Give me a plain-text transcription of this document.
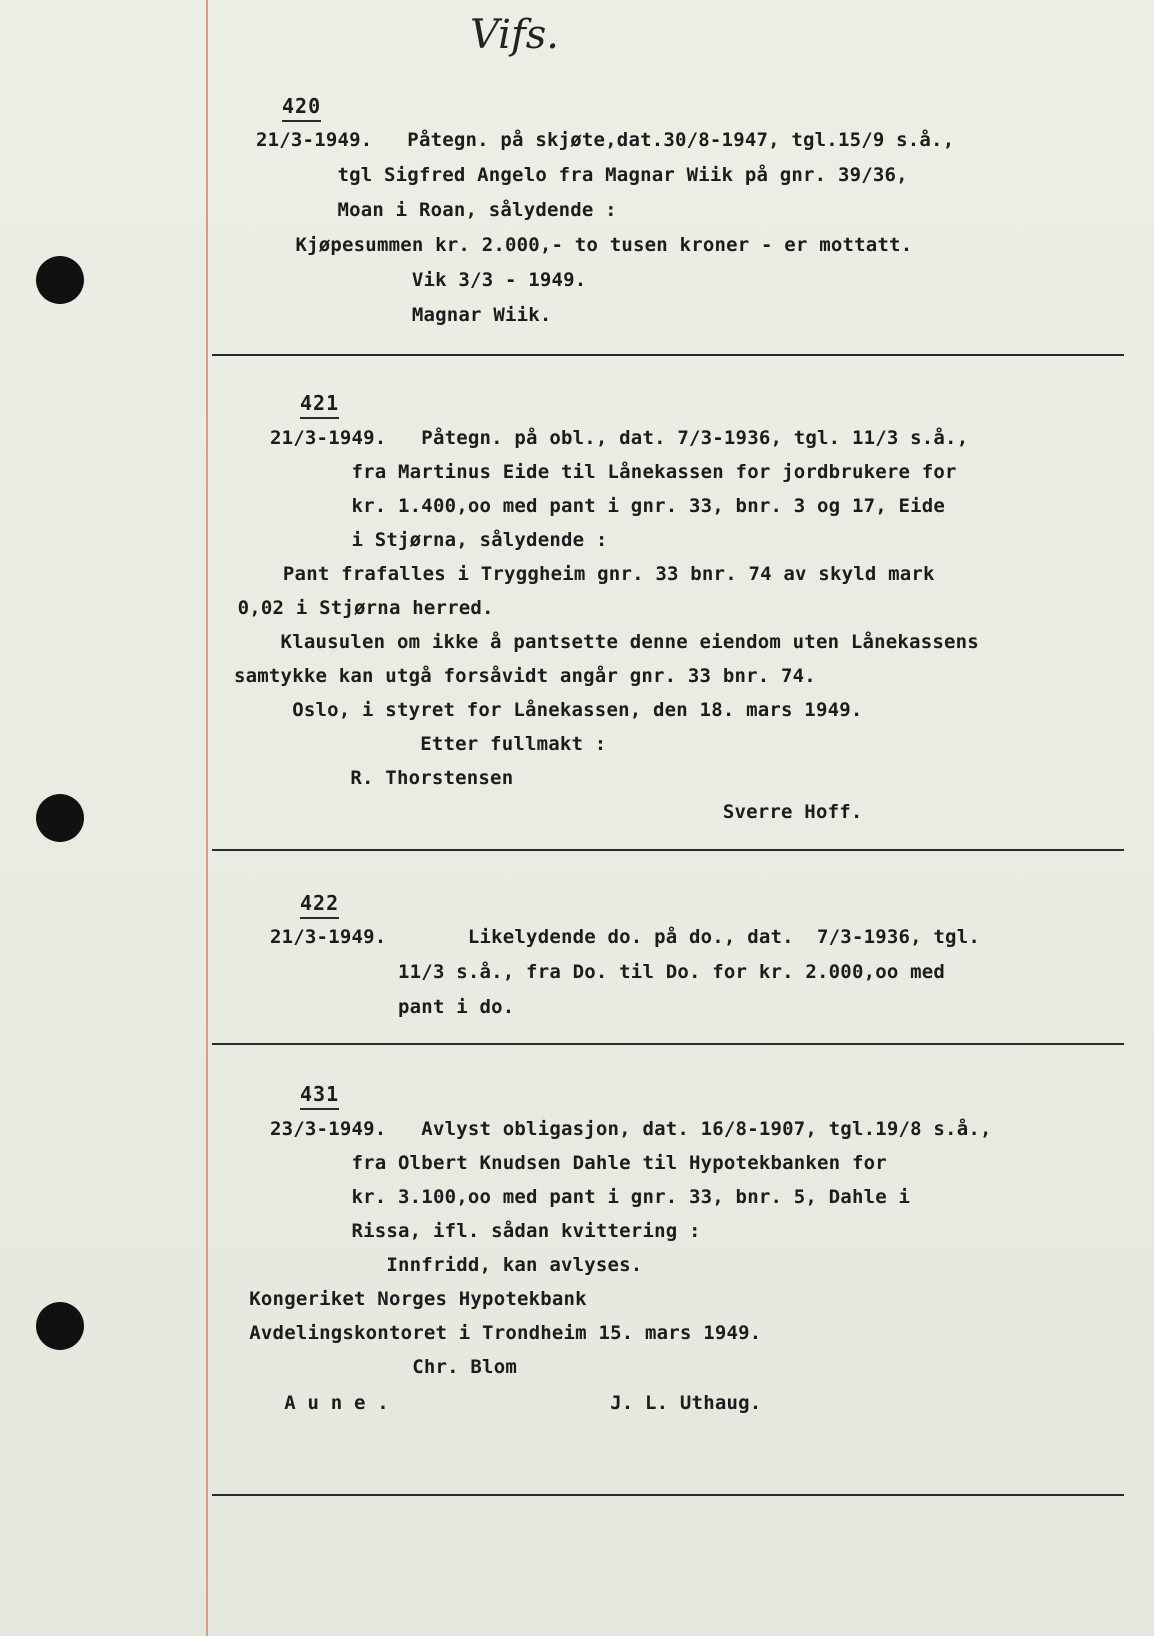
Vifs.
420
21/3-1949.   Påtegn. på skjøte,dat.30/8-1947, tgl.15/9 s.å.,
tgl Sigfred Angelo fra Magnar Wiik på gnr. 39/36,
Moan i Roan, sålydende :
Kjøpesummen kr. 2.000,- to tusen kroner - er mottatt.
Vik 3/3 - 1949.
Magnar Wiik.
421
21/3-1949.   Påtegn. på obl., dat. 7/3-1936, tgl. 11/3 s.å.,
fra Martinus Eide til Lånekassen for jordbrukere for
kr. 1.400,oo med pant i gnr. 33, bnr. 3 og 17, Eide
i Stjørna, sålydende :
Pant frafalles i Tryggheim gnr. 33 bnr. 74 av skyld mark
0,02 i Stjørna herred.
Klausulen om ikke å pantsette denne eiendom uten Lånekassens
samtykke kan utgå forsåvidt angår gnr. 33 bnr. 74.
Oslo, i styret for Lånekassen, den 18. mars 1949.
Etter fullmakt :
R. Thorstensen
Sverre Hoff.
422
21/3-1949.       Likelydende do. på do., dat.  7/3-1936, tgl.
11/3 s.å., fra Do. til Do. for kr. 2.000,oo med
pant i do.
431
23/3-1949.   Avlyst obligasjon, dat. 16/8-1907, tgl.19/8 s.å.,
fra Olbert Knudsen Dahle til Hypotekbanken for
kr. 3.100,oo med pant i gnr. 33, bnr. 5, Dahle i
Rissa, ifl. sådan kvittering :
Innfridd, kan avlyses.
Kongeriket Norges Hypotekbank
Avdelingskontoret i Trondheim 15. mars 1949.
Chr. Blom
A u n e .                   J. L. Uthaug.
